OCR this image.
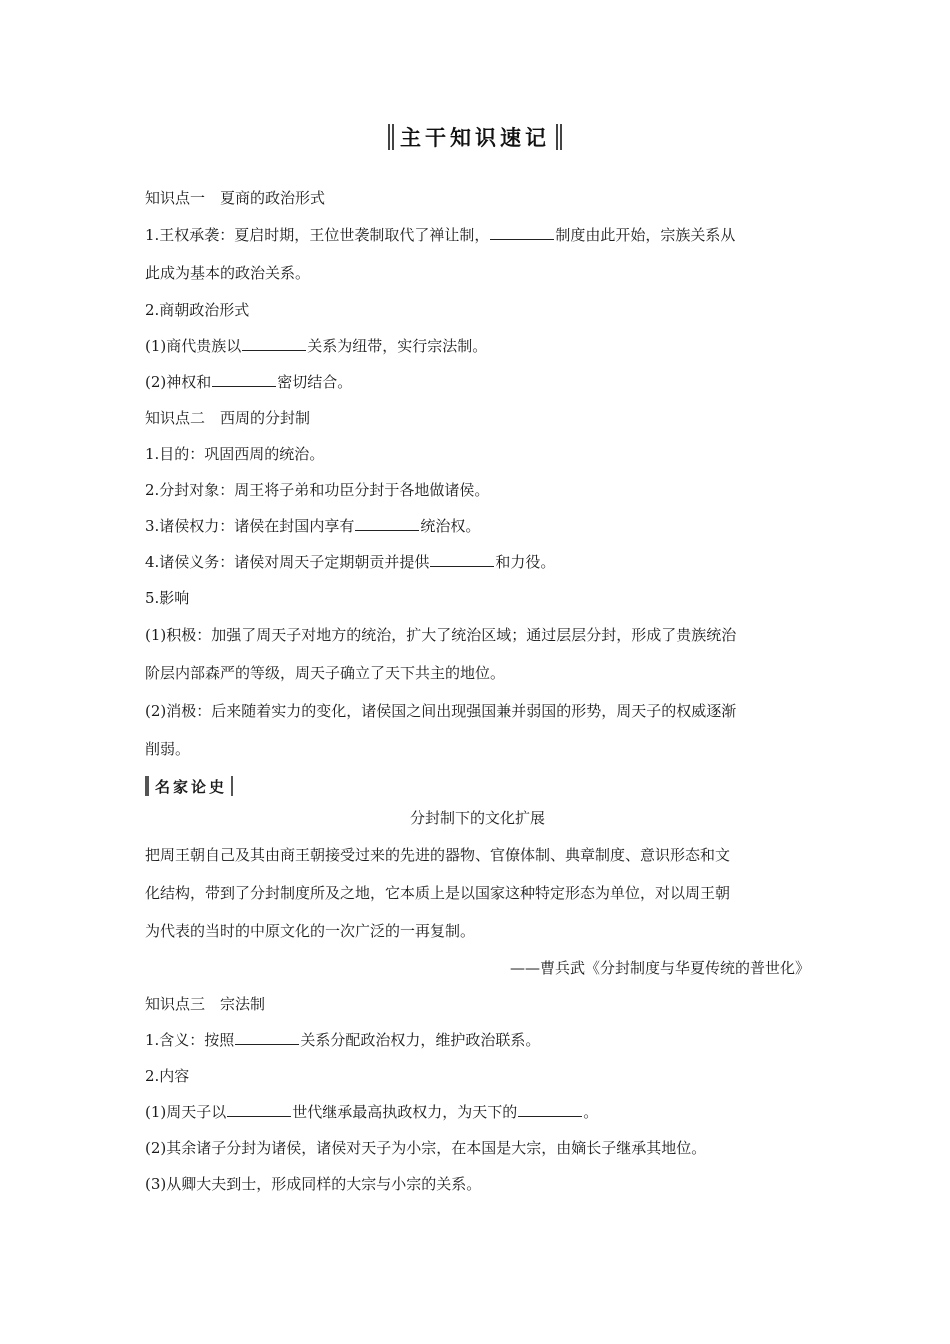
主干知识速记

知识点一　夏商的政治形式

1.王权承袭：夏启时期，王位世袭制取代了禅让制，	制度由此开始，宗族关系从

此成为基本的政治关系。

2.商朝政治形式

(1)商代贵族以	关系为纽带，实行宗法制。

(2)神权和	密切结合。

知识点二　西周的分封制

1.目的：巩固西周的统治。

2.分封对象：周王将子弟和功臣分封于各地做诸侯。

3.诸侯权力：诸侯在封国内享有	统治权。

4.诸侯义务：诸侯对周天子定期朝贡并提供	和力役。

5.影响

(1)积极：加强了周天子对地方的统治，扩大了统治区域；通过层层分封，形成了贵族统治

阶层内部森严的等级，周天子确立了天下共主的地位。

(2)消极：后来随着实力的变化，诸侯国之间出现强国兼并弱国的形势，周天子的权威逐渐

削弱。

名家论史

分封制下的文化扩展

把周王朝自己及其由商王朝接受过来的先进的器物、官僚体制、典章制度、意识形态和文

化结构，带到了分封制度所及之地，它本质上是以国家这种特定形态为单位，对以周王朝

为代表的当时的中原文化的一次广泛的一再复制。

——曹兵武《分封制度与华夏传统的普世化》

知识点三　宗法制

1.含义：按照	关系分配政治权力，维护政治联系。

2.内容

(1)周天子以	世代继承最高执政权力，为天下的	。

(2)其余诸子分封为诸侯，诸侯对天子为小宗，在本国是大宗，由嫡长子继承其地位。

(3)从卿大夫到士，形成同样的大宗与小宗的关系。
